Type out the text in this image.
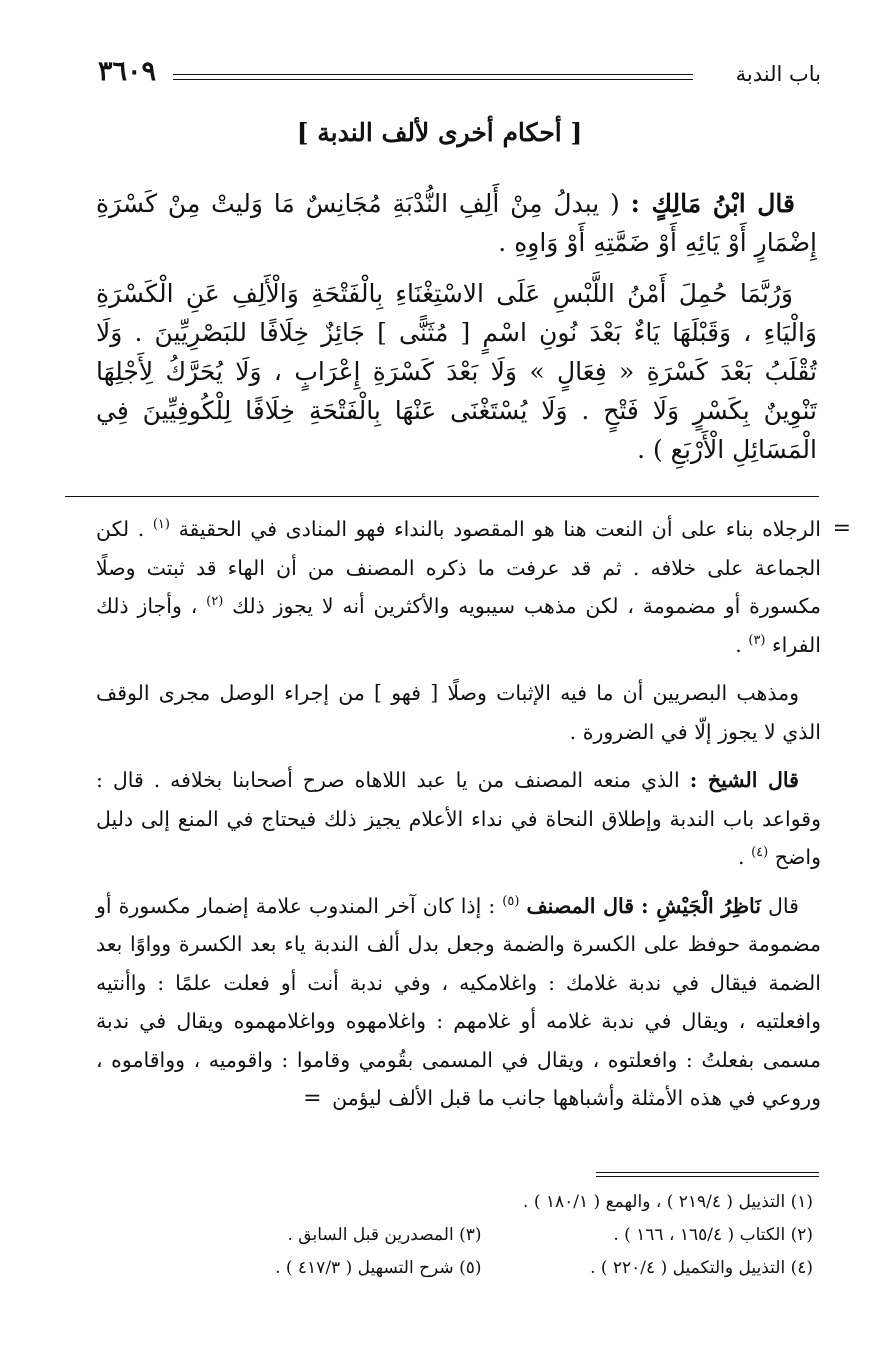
باب الندبة
٣٦٠٩
[ أحكام أخرى لألف الندبة ]

قال ابْنُ مَالِكٍ : ( يبدلُ مِنْ أَلِفِ النُّدْبَةِ مُجَانِسٌ مَا وَليتْ مِنْ كَسْرَةِ إِضْمَارٍ أَوْ يَائِهِ أَوْ ضَمَّتِهِ أَوْ وَاوِهِ .

وَرُبَّمَا حُمِلَ أَمْنُ اللَّبْسِ عَلَى الاسْتِغْنَاءِ بِالْفَتْحَةِ وَالْأَلِفِ عَنِ الْكَسْرَةِ وَالْيَاءِ ، وَقَبْلَهَا يَاءٌ بَعْدَ نُونِ اسْمٍ [ مُثَنًّى ] جَائِزٌ خِلَافًا للبَصْرِيِّينَ . وَلَا تُقْلَبُ بَعْدَ كَسْرَةِ « فِعَالٍ » وَلَا بَعْدَ كَسْرَةِ إِعْرَابٍ ، وَلَا يُحَرَّكُ لِأَجْلِهَا تَنْوِينٌ بِكَسْرٍ وَلَا فَتْحٍ . وَلَا يُسْتَغْنَى عَنْهَا بِالْفَتْحَةِ خِلَافًا لِلْكُوفِيِّينَ فِي الْمَسَائِلِ الْأَرْبَعِ ) .

=
الرجلاه بناء على أن النعت هنا هو المقصود بالنداء فهو المنادى في الحقيقة $^{(١)}$ . لكن الجماعة على خلافه . ثم قد عرفت ما ذكره المصنف من أن الهاء قد ثبتت وصلًا مكسورة أو مضمومة ، لكن مذهب سيبويه والأكثرين أنه لا يجوز ذلك $^{(٢)}$ ، وأجاز ذلك الفراء $^{(٣)}$ .

ومذهب البصريين أن ما فيه الإثبات وصلًا [ فهو ] من إجراء الوصل مجرى الوقف الذي لا يجوز إلّا في الضرورة .

قال الشيخ : الذي منعه المصنف من يا عبد اللاهاه صرح أصحابنا بخلافه . قال : وقواعد باب الندبة وإطلاق النحاة في نداء الأعلام يجيز ذلك فيحتاج في المنع إلى دليل واضح $^{(٤)}$ .

قال نَاظِرُ الْجَيْشِ : قال المصنف $^{(٥)}$ : إذا كان آخر المندوب علامة إضمار مكسورة أو مضمومة حوفظ على الكسرة والضمة وجعل بدل ألف الندبة ياء بعد الكسرة وواوًا بعد الضمة فيقال في ندبة غلامك : واغلامكيه ، وفي ندبة أنت أو فعلت علمًا : واأنتيه وافعلتيه ، ويقال في ندبة غلامه أو غلامهم : واغلامهوه وواغلامهموه ويقال في ندبة مسمى بفعلتُ : وافعلتوه ، ويقال في المسمى بقُومي وقاموا : واقوميه ، وواقاموه ، وروعي في هذه الأمثلة وأشباهها جانب ما قبل الألف ليؤمن =

(١) التذييل ( ٢١٩/٤ ) ، والهمع ( ١٨٠/١ ) .
(٢) الكتاب ( ١٦٥/٤ ، ١٦٦ ) .
(٣) المصدرين قبل السابق .
(٤) التذييل والتكميل ( ٢٢٠/٤ ) .
(٥) شرح التسهيل ( ٤١٧/٣ ) .
